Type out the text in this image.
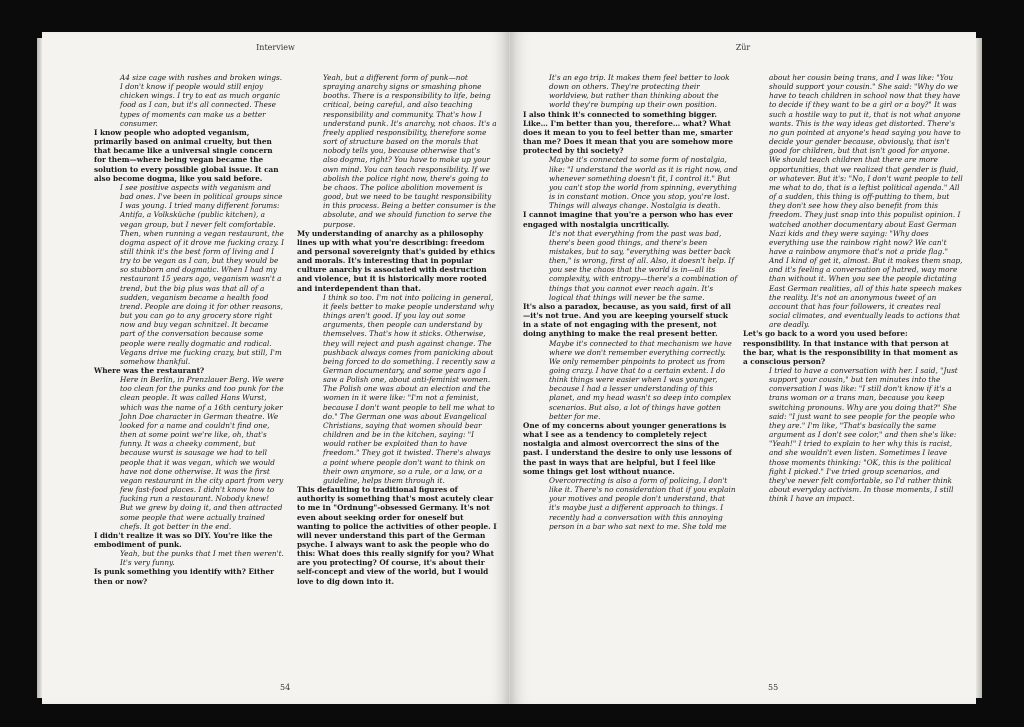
Interview

A4 size cage with rashes and broken wings. I don't know if people would still enjoy chicken wings. I try to eat as much organic food as I can, but it's all connected. These types of moments can make us a better consumer.

I know people who adopted veganism, primarily based on animal cruelty, but then that became like a universal single concern for them—where being vegan became the solution to every possible global issue. It can also become dogma, like you said before.

I see positive aspects with veganism and bad ones. I've been in political groups since I was young. I tried many different forums: Antifa, a Volksküche (public kitchen), a vegan group, but I never felt comfortable. Then, when running a vegan restaurant, the dogma aspect of it drove me fucking crazy. I still think it's the best form of living and I try to be vegan as I can, but they would be so stubborn and dogmatic. When I had my restaurant 15 years ago, veganism wasn't a trend, but the big plus was that all of a sudden, veganism became a health food trend. People are doing it for other reasons, but you can go to any grocery store right now and buy vegan schnitzel. It became part of the conversation because some people were really dogmatic and radical. Vegans drive me fucking crazy, but still, I'm somehow thankful.

Where was the restaurant?

Here in Berlin, in Prenzlauer Berg. We were too clean for the punks and too punk for the clean people. It was called Hans Wurst, which was the name of a 16th century joker John Doe character in German theatre. We looked for a name and couldn't find one, then at some point we're like, oh, that's funny. It was a cheeky comment, but because wurst is sausage we had to tell people that it was vegan, which we would have not done otherwise. It was the first vegan restaurant in the city apart from very few fast-food places. I didn't know how to fucking run a restaurant. Nobody knew! But we grew by doing it, and then attracted some people that were actually trained chefs. It got better in the end.

I didn't realize it was so DIY. You're like the embodiment of punk.

Yeah, but the punks that I met then weren't. It's very funny.

Is punk something you identify with? Either then or now?

Yeah, but a different form of punk—not spraying anarchy signs or smashing phone booths. There is a responsibility to life, being critical, being careful, and also teaching responsibility and community. That's how I understand punk. It's anarchy, not chaos. It's a freely applied responsibility, therefore some sort of structure based on the morals that nobody tells you, because otherwise that's also dogma, right? You have to make up your own mind. You can teach responsibility. If we abolish the police right now, there's going to be chaos. The police abolition movement is good, but we need to be taught responsibility in this process. Being a better consumer is the absolute, and we should function to serve the purpose.

My understanding of anarchy as a philosophy lines up with what you're describing: freedom and personal sovereignty that's guided by ethics and morals. It's interesting that in popular culture anarchy is associated with destruction and violence, but it is historically more rooted and interdependent than that.

I think so too. I'm not into policing in general, it feels better to make people understand why things aren't good. If you lay out some arguments, then people can understand by themselves. That's how it sticks. Otherwise, they will reject and push against change. The pushback always comes from panicking about being forced to do something. I recently saw a German documentary, and some years ago I saw a Polish one, about anti-feminist women. The Polish one was about an election and the women in it were like: "I'm not a feminist, because I don't want people to tell me what to do." The German one was about Evangelical Christians, saying that women should bear children and be in the kitchen, saying: "I would rather be exploited than to have freedom." They got it twisted. There's always a point where people don't want to think on their own anymore, so a rule, or a law, or a guideline, helps them through it.

This defaulting to traditional figures of authority is something that's most acutely clear to me in "Ordnung"-obsessed Germany. It's not even about seeking order for oneself but wanting to police the activities of other people. I will never understand this part of the German psyche. I always want to ask the people who do this: What does this really signify for you? What are you protecting? Of course, it's about their self-concept and view of the world, but I would love to dig down into it.

54
Zür

It's an ego trip. It makes them feel better to look down on others. They're protecting their worldview, but rather than thinking about the world they're bumping up their own position.

I also think it's connected to something bigger. Like… I'm better than you, therefore… what? What does it mean to you to feel better than me, smarter than me? Does it mean that you are somehow more protected by thi society?

Maybe it's connected to some form of nostalgia, like: "I understand the world as it is right now, and whenever something doesn't fit, I control it." But you can't stop the world from spinning, everything is in constant motion. Once you stop, you're lost. Things will always change. Nostalgia is death.

I cannot imagine that you're a person who has ever engaged with nostalgia uncritically.

It's not that everything from the past was bad, there's been good things, and there's been mistakes, but to say, "everything was better back then," is wrong, first of all. Also, it doesn't help. If you see the chaos that the world is in—all its complexity, with entropy—there's a combination of things that you cannot ever reach again. It's logical that things will never be the same.

It's also a paradox, because, as you said, first of all—it's not true. And you are keeping yourself stuck in a state of not engaging with the present, not doing anything to make the real present better.

Maybe it's connected to that mechanism we have where we don't remember everything correctly. We only remember pinpoints to protect us from going crazy. I have that to a certain extent. I do think things were easier when I was younger, because I had a lesser understanding of this planet, and my head wasn't so deep into complex scenarios. But also, a lot of things have gotten better for me.

One of my concerns about younger generations is what I see as a tendency to completely reject nostalgia and almost overcorrect the sins of the past. I understand the desire to only use lessons of the past in ways that are helpful, but I feel like some things get lost without nuance.

Overcorrecting is also a form of policing, I don't like it. There's no consideration that if you explain your motives and people don't understand, that it's maybe just a different approach to things. I recently had a conversation with this annoying person in a bar who sat next to me. She told me

about her cousin being trans, and I was like: "You should support your cousin." She said: "Why do we have to teach children in school now that they have to decide if they want to be a girl or a boy?" It was such a hostile way to put it, that is not what anyone wants. This is the way ideas get distorted. There's no gun pointed at anyone's head saying you have to decide your gender because, obviously, that isn't good for children, but that isn't good for anyone. We should teach children that there are more opportunities, that we realized that gender is fluid, or whatever. But it's: "No, I don't want people to tell me what to do, that is a leftist political agenda." All of a sudden, this thing is off-putting to them, but they don't see how they also benefit from this freedom. They just snap into this populist opinion. I watched another documentary about East German Nazi kids and they were saying: "Why does everything use the rainbow right now? We can't have a rainbow anymore that's not a pride flag." And I kind of get it, almost. But it makes them snap, and it's feeling a conversation of hatred, way more than without it. When you see the people dictating East German realities, all of this hate speech makes the reality. It's not an anonymous tweet of an account that has four followers, it creates real social climates, and eventually leads to actions that are deadly.

Let's go back to a word you used before: responsibility. In that instance with that person at the bar, what is the responsibility in that moment as a conscious person?

I tried to have a conversation with her. I said, "Just support your cousin," but ten minutes into the conversation I was like: "I still don't know if it's a trans woman or a trans man, because you keep switching pronouns. Why are you doing that?" She said: "I just want to see people for the people who they are." I'm like, "That's basically the same argument as I don't see color," and then she's like: "Yeah!" I tried to explain to her why this is racist, and she wouldn't even listen. Sometimes I leave those moments thinking: "OK, this is the political fight I picked." I've tried group scenarios, and they've never felt comfortable, so I'd rather think about everyday activism. In those moments, I still think I have an impact.

55
